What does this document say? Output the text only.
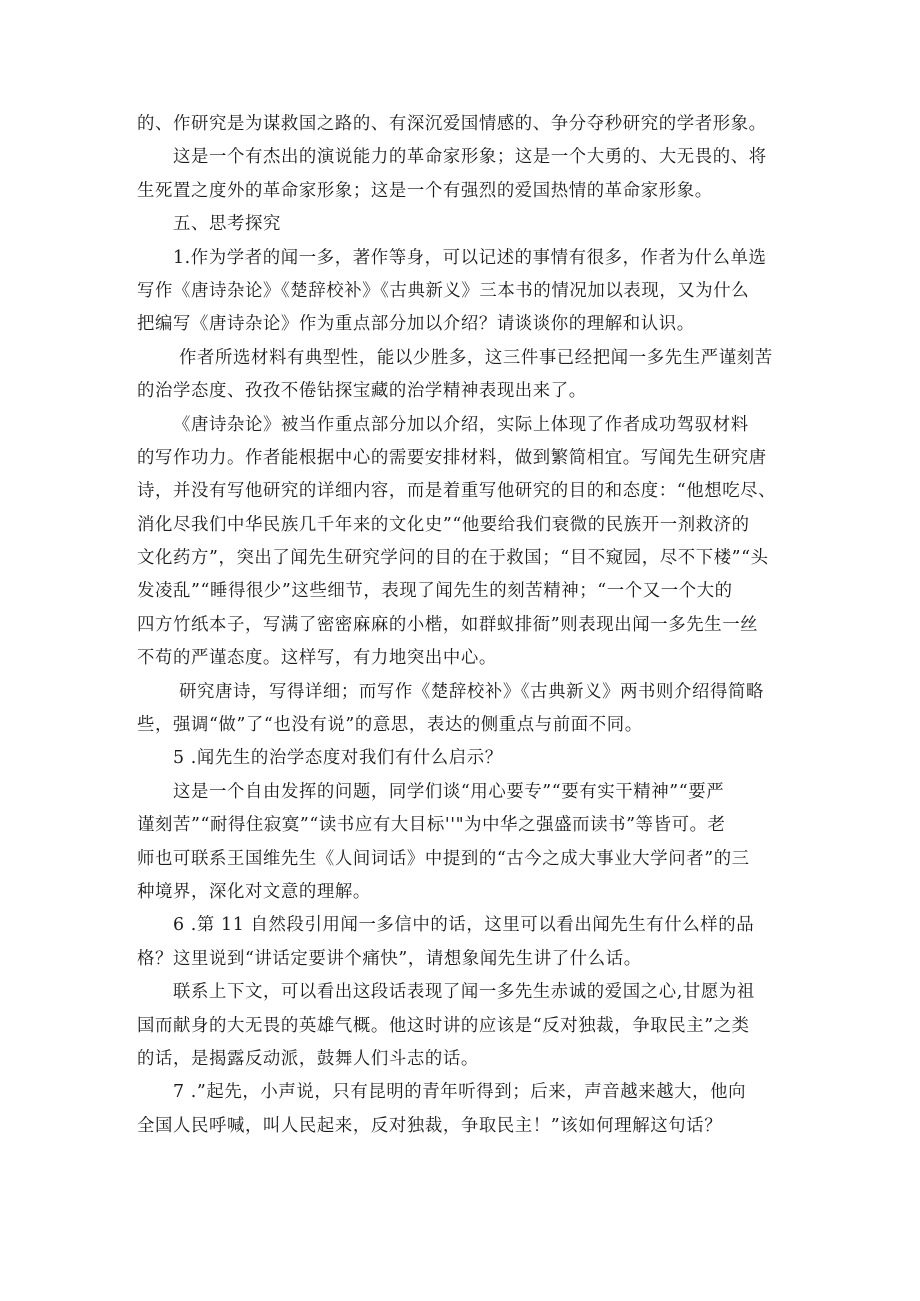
的、作研究是为谋救国之路的、有深沉爱国情感的、争分夺秒研究的学者形象。
这是一个有杰出的演说能力的革命家形象；这是一个大勇的、大无畏的、将
生死置之度外的革命家形象；这是一个有强烈的爱国热情的革命家形象。
五、思考探究
1.作为学者的闻一多，著作等身，可以记述的事情有很多，作者为什么单选
写作《唐诗杂论》《楚辞校补》《古典新义》三本书的情况加以表现，又为什么
把编写《唐诗杂论》作为重点部分加以介绍？请谈谈你的理解和认识。
作者所选材料有典型性，能以少胜多，这三件事已经把闻一多先生严谨刻苦
的治学态度、孜孜不倦钻探宝藏的治学精神表现出来了。
《唐诗杂论》被当作重点部分加以介绍，实际上体现了作者成功驾驭材料
的写作功力。作者能根据中心的需要安排材料，做到繁简相宜。写闻先生研究唐
诗，并没有写他研究的详细内容，而是着重写他研究的目的和态度：“他想吃尽、
消化尽我们中华民族几千年来的文化史”“他要给我们衰微的民族开一剂救济的
文化药方”，突出了闻先生研究学问的目的在于救国；“目不窥园，尽不下楼”“头
发凌乱”“睡得很少”这些细节，表现了闻先生的刻苦精神；“一个又一个大的
四方竹纸本子，写满了密密麻麻的小楷，如群蚁排衙”则表现出闻一多先生一丝
不苟的严谨态度。这样写，有力地突出中心。
研究唐诗，写得详细；而写作《楚辞校补》《古典新义》两书则介绍得简略
些，强调“做”了“也没有说”的意思，表达的侧重点与前面不同。
5 .闻先生的治学态度对我们有什么启示？
这是一个自由发挥的问题，同学们谈“用心要专”“要有实干精神”“要严
谨刻苦”“耐得住寂寞”“读书应有大目标''"为中华之强盛而读书”等皆可。老
师也可联系王国维先生《人间词话》中提到的“古今之成大事业大学问者”的三
种境界，深化对文意的理解。
6 .第 11 自然段引用闻一多信中的话，这里可以看出闻先生有什么样的品
格？这里说到“讲话定要讲个痛快”，请想象闻先生讲了什么话。
联系上下文，可以看出这段话表现了闻一多先生赤诚的爱国之心,甘愿为祖
国而献身的大无畏的英雄气概。他这时讲的应该是“反对独裁，争取民主”之类
的话，是揭露反动派，鼓舞人们斗志的话。
7 .”起先，小声说，只有昆明的青年听得到；后来，声音越来越大，他向
全国人民呼喊，叫人民起来，反对独裁，争取民主！”该如何理解这句话？
